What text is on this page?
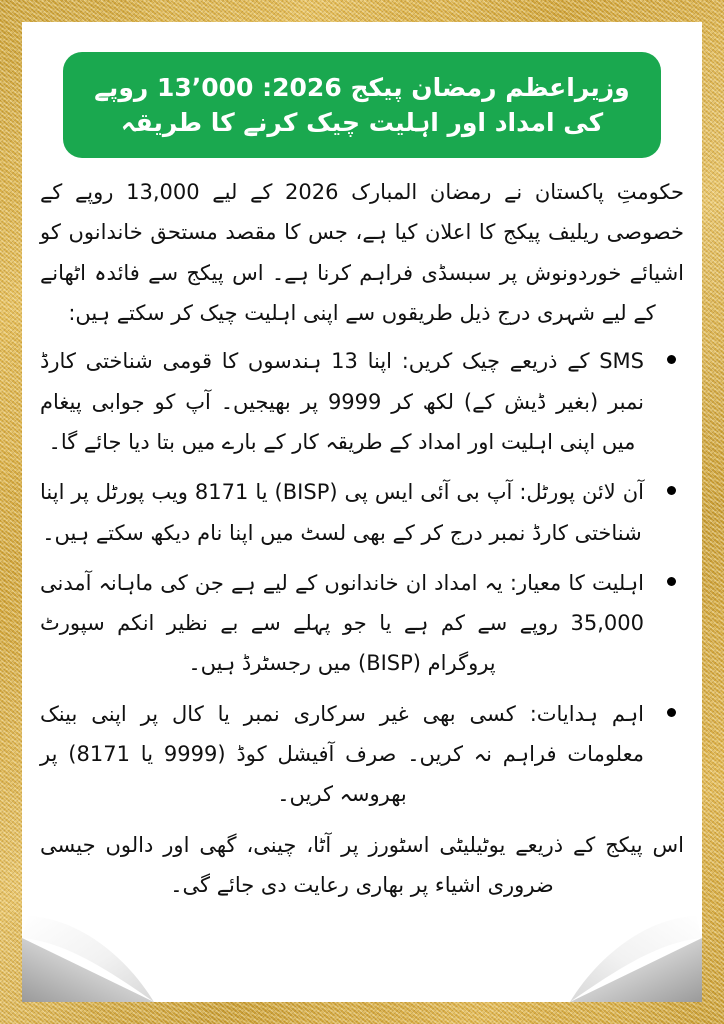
وزیراعظم رمضان پیکج 2026: 13٬000 روپے کی امداد اور اہلیت چیک کرنے کا طریقہ

حکومتِ پاکستان نے رمضان المبارک 2026 کے لیے 13,000 روپے کے خصوصی ریلیف پیکج کا اعلان کیا ہے، جس کا مقصد مستحق خاندانوں کو اشیائے خوردونوش پر سبسڈی فراہم کرنا ہے۔ اس پیکج سے فائدہ اٹھانے کے لیے شہری درج ذیل طریقوں سے اپنی اہلیت چیک کر سکتے ہیں:

SMS کے ذریعے چیک کریں: اپنا 13 ہندسوں کا قومی شناختی کارڈ نمبر (بغیر ڈیش کے) لکھ کر 9999 پر بھیجیں۔ آپ کو جوابی پیغام میں اپنی اہلیت اور امداد کے طریقہ کار کے بارے میں بتا دیا جائے گا۔
آن لائن پورٹل: آپ بی آئی ایس پی (BISP) یا 8171 ویب پورٹل پر اپنا شناختی کارڈ نمبر درج کر کے بھی لسٹ میں اپنا نام دیکھ سکتے ہیں۔
اہلیت کا معیار: یہ امداد ان خاندانوں کے لیے ہے جن کی ماہانہ آمدنی 35,000 روپے سے کم ہے یا جو پہلے سے بے نظیر انکم سپورٹ پروگرام (BISP) میں رجسٹرڈ ہیں۔
اہم ہدایات: کسی بھی غیر سرکاری نمبر یا کال پر اپنی بینک معلومات فراہم نہ کریں۔ صرف آفیشل کوڈ (9999 یا 8171) پر بھروسہ کریں۔

اس پیکج کے ذریعے یوٹیلیٹی اسٹورز پر آٹا، چینی، گھی اور دالوں جیسی ضروری اشیاء پر بھاری رعایت دی جائے گی۔
